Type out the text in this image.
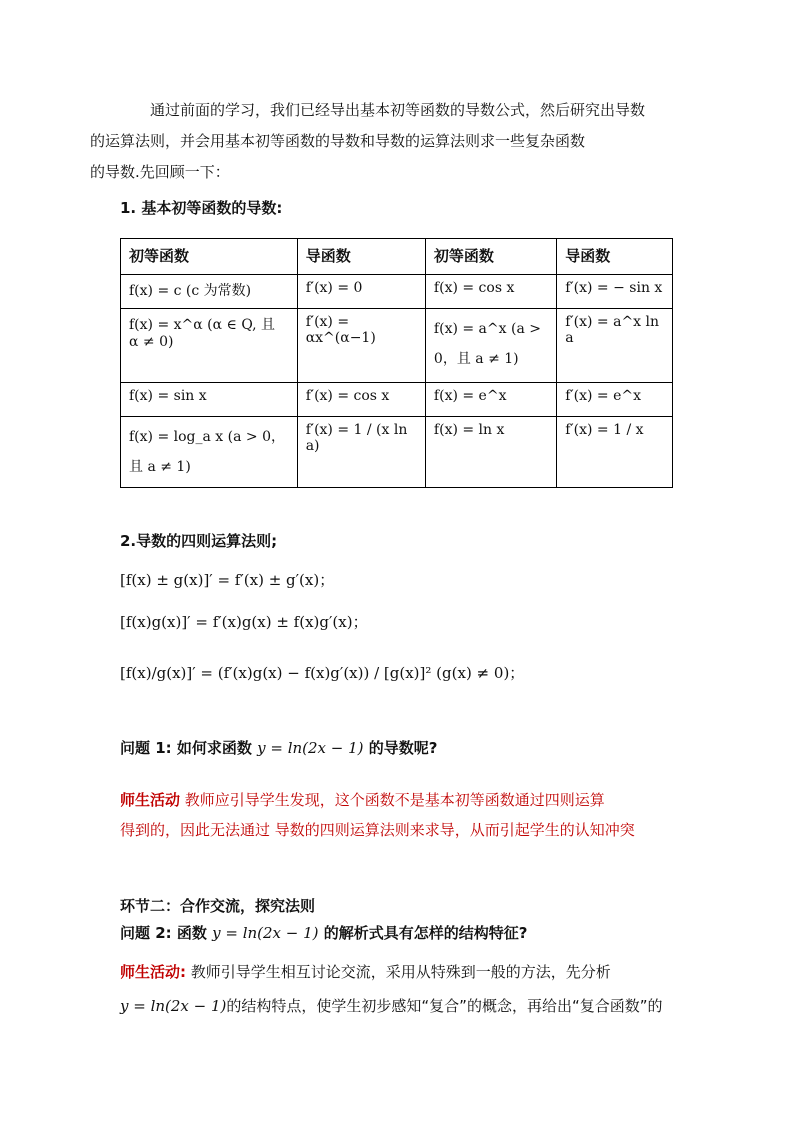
通过前面的学习，我们已经导出基本初等函数的导数公式，然后研究出导数
的运算法则，并会用基本初等函数的导数和导数的运算法则求一些复杂函数
的导数.先回顾一下：
1. 基本初等函数的导数:
初等函数	导函数	初等函数	导函数
f(x) = c (c 为常数)	f′(x) = 0	f(x) = cos x	f′(x) = − sin x
f(x) = x^α (α ∈ Q, 且 α ≠ 0)	f′(x) = αx^(α−1)	f(x) = a^x (a > 0，且 a ≠ 1)	f′(x) = a^x ln a
f(x) = sin x	f′(x) = cos x	f(x) = e^x	f′(x) = e^x
f(x) = log_a x (a > 0， 且 a ≠ 1)	f′(x) = 1 / (x ln a)	f(x) = ln x	f′(x) = 1 / x
2.导数的四则运算法则;
[f(x) ± g(x)]′ = f′(x) ± g′(x)；
[f(x)g(x)]′ = f′(x)g(x) ± f(x)g′(x)；
[f(x)/g(x)]′ = (f′(x)g(x) − f(x)g′(x)) / [g(x)]² (g(x) ≠ 0)；
问题 1: 如何求函数 y = ln(2x − 1) 的导数呢?
师生活动 教师应引导学生发现，这个函数不是基本初等函数通过四则运算
得到的，因此无法通过 导数的四则运算法则来求导，从而引起学生的认知冲突
环节二：合作交流，探究法则
问题 2: 函数 y = ln(2x − 1) 的解析式具有怎样的结构特征?
师生活动: 教师引导学生相互讨论交流，采用从特殊到一般的方法，先分析
y = ln(2x − 1)的结构特点，使学生初步感知“复合”的概念，再给出“复合函数”的
